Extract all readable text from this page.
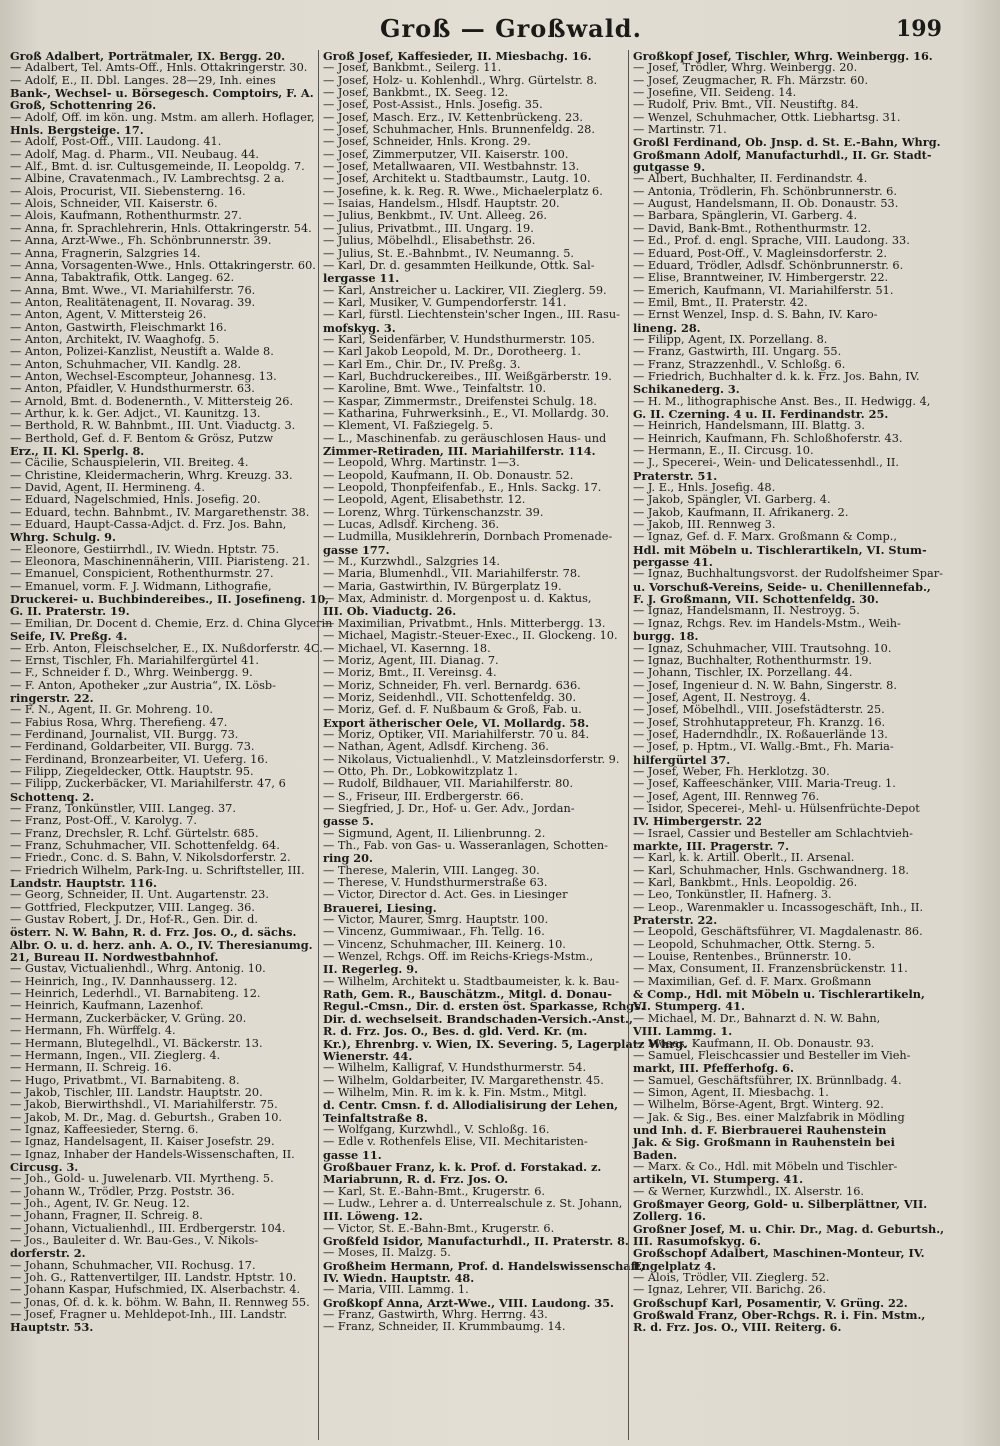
Groß — Großwald.	199
Groß Adalbert, Porträtmaler, IX. Bergg. 20.
— Adalbert, Tel. Amts-Off., Hnls. Ottakringerstr. 30.
— Adolf, E., II. Dbl. Langes. 28—29, Inh. eines
Bank-, Wechsel- u. Börsegesch. Comptoirs, F. A.
Groß, Schottenring 26.
— Adolf, Off. im kön. ung. Mstm. am allerh. Hoflager,
Hnls. Bergsteige. 17.
— Adolf, Post-Off., VIII. Laudong. 41.
— Adolf, Mag. d. Pharm., VII. Neubaug. 44.
— Alf., Bmt. d. isr. Cultusgemeinde, II. Leopoldg. 7.
— Albine, Cravatenmach., IV. Lambrechtsg. 2 a.
— Alois, Procurist, VII. Siebensterng. 16.
— Alois, Schneider, VII. Kaiserstr. 6.
— Alois, Kaufmann, Rothenthurmstr. 27.
— Anna, fr. Sprachlehrerin, Hnls. Ottakringerstr. 54.
— Anna, Arzt-Wwe., Fh. Schönbrunnerstr. 39.
— Anna, Fragnerin, Salzgries 14.
— Anna, Vorsagenten-Wwe., Hnls. Ottakringerstr. 60.
— Anna, Tabaktrafik, Ottk. Langeg. 62.
— Anna, Bmt. Wwe., VI. Mariahilferstr. 76.
— Anton, Realitätenagent, II. Novarag. 39.
— Anton, Agent, V. Mittersteig 26.
— Anton, Gastwirth, Fleischmarkt 16.
— Anton, Architekt, IV. Waaghofg. 5.
— Anton, Polizei-Kanzlist, Neustift a. Walde 8.
— Anton, Schuhmacher, VII. Kandlg. 28.
— Anton, Wechsel-Escompteur, Johannesg. 13.
— Anton, Pfaidler, V. Hundsthurmerstr. 63.
— Arnold, Bmt. d. Bodenernth., V. Mittersteig 26.
— Arthur, k. k. Ger. Adjct., VI. Kaunitzg. 13.
— Berthold, R. W. Bahnbmt., III. Unt. Viaductg. 3.
— Berthold, Gef. d. F. Bentom & Grösz, Putzw
Erz., II. Kl. Sperlg. 8.
— Cäcilie, Schauspielerin, VII. Breiteg. 4.
— Christine, Kleidermacherin, Whrg. Kreuzg. 33.
— David, Agent, II. Hermineng. 4.
— Eduard, Nagelschmied, Hnls. Josefig. 20.
— Eduard, techn. Bahnbmt., IV. Margarethenstr. 38.
— Eduard, Haupt-Cassa-Adjct. d. Frz. Jos. Bahn,
Whrg. Schulg. 9.
— Eleonore, Gestiirrhdl., IV. Wiedn. Hptstr. 75.
— Eleonora, Maschinennäherin, VIII. Piaristeng. 21.
— Emanuel, Conspicient, Rothenthurmstr. 27.
— Emanuel, vorm. F. J. Widmann, Lithografie,
Druckerei- u. Buchbindereibes., II. Josefineng. 10,
G. II. Praterstr. 19.
— Emilian, Dr. Docent d. Chemie, Erz. d. China Glycerin
Seife, IV. Preßg. 4.
— Erb. Anton, Fleischselcher, E., IX. Nußdorferstr. 4C.
— Ernst, Tischler, Fh. Mariahilfergürtel 41.
— F., Schneider f. D., Whrg. Weinbergg. 9.
— F. Anton, Apotheker „zur Austria“, IX. Lösb-
ringerstr. 22.
— F. N., Agent, II. Gr. Mohreng. 10.
— Fabius Rosa, Whrg. Therefieng. 47.
— Ferdinand, Journalist, VII. Burgg. 73.
— Ferdinand, Goldarbeiter, VII. Burgg. 73.
— Ferdinand, Bronzearbeiter, VI. Ueferg. 16.
— Filipp, Ziegeldecker, Ottk. Hauptstr. 95.
— Filipp, Zuckerbäcker, VI. Mariahilferstr. 47, 6
Schottenq. 2.
— Franz, Tonkünstler, VIII. Langeg. 37.
— Franz, Post-Off., V. Karolyg. 7.
— Franz, Drechsler, R. Lchf. Gürtelstr. 685.
— Franz, Schuhmacher, VII. Schottenfeldg. 64.
— Friedr., Conc. d. S. Bahn, V. Nikolsdorferstr. 2.
— Friedrich Wilhelm, Park-Ing. u. Schriftsteller, III.
Landstr. Hauptstr. 116.
— Georg, Schneider, II. Unt. Augartenstr. 23.
— Gottfried, Fleckputzer, VIII. Langeg. 36.
— Gustav Robert, J. Dr., Hof-R., Gen. Dir. d.
österr. N. W. Bahn, R. d. Frz. Jos. O., d. sächs.
Albr. O. u. d. herz. anh. A. O., IV. Theresianumg.
21, Bureau II. Nordwestbahnhof.
— Gustav, Victualienhdl., Whrg. Antonig. 10.
— Heinrich, Ing., IV. Dannhausserg. 12.
— Heinrich, Lederhdl., VI. Barnabiteng. 12.
— Heinrich, Kaufmann, Lazenhof.
— Hermann, Zuckerbäcker, V. Grüng. 20.
— Hermann, Fh. Würffelg. 4.
— Hermann, Blutegelhdl., VI. Bäckerstr. 13.
— Hermann, Ingen., VII. Zieglerg. 4.
— Hermann, II. Schreig. 16.
— Hugo, Privatbmt., VI. Barnabiteng. 8.
— Jakob, Tischler, III. Landstr. Hauptstr. 20.
— Jakob, Bierwirthshdl., VI. Mariahilferstr. 75.
— Jakob, M. Dr., Mag. d. Geburtsh., Graben 10.
— Ignaz, Kaffeesieder, Sterng. 6.
— Ignaz, Handelsagent, II. Kaiser Josefstr. 29.
— Ignaz, Inhaber der Handels-Wissenschaften, II.
Circusg. 3.
— Joh., Gold- u. Juwelenarb. VII. Myrtheng. 5.
— Johann W., Trödler, Przg. Poststr. 36.
— Joh., Agent, IV. Gr. Neug. 12.
— Johann, Fragner, II. Schreig. 8.
— Johann, Victualienhdl., III. Erdbergerstr. 104.
— Jos., Bauleiter d. Wr. Bau-Ges., V. Nikols-
dorferstr. 2.
— Johann, Schuhmacher, VII. Rochusg. 17.
— Joh. G., Rattenvertilger, III. Landstr. Hptstr. 10.
— Johann Kaspar, Hufschmied, IX. Alserbachstr. 4.
— Jonas, Of. d. k. k. böhm. W. Bahn, II. Rennweg 55.
— Josef, Fragner u. Mehldepot-Inh., III. Landstr.
Hauptstr. 53.
Groß Josef, Kaffesieder, II. Miesbachg. 16.
— Josef, Bankbmt., Seilerg. 11.
— Josef, Holz- u. Kohlenhdl., Whrg. Gürtelstr. 8.
— Josef, Bankbmt., IX. Seeg. 12.
— Josef, Post-Assist., Hnls. Josefig. 35.
— Josef, Masch. Erz., IV. Kettenbrückeng. 23.
— Josef, Schuhmacher, Hnls. Brunnenfeldg. 28.
— Josef, Schneider, Hnls. Krong. 29.
— Josef, Zimmerputzer, VII. Kaiserstr. 100.
— Josef, Metallwaaren, VII. Westbahnstr. 13.
— Josef, Architekt u. Stadtbaumstr., Lautg. 10.
— Josefine, k. k. Reg. R. Wwe., Michaelerplatz 6.
— Isaias, Handelsm., Hlsdf. Hauptstr. 20.
— Julius, Benkbmt., IV. Unt. Alleeg. 26.
— Julius, Privatbmt., III. Ungarg. 19.
— Julius, Möbelhdl., Elisabethstr. 26.
— Julius, St. E.-Bahnbmt., IV. Neumanng. 5.
— Karl, Dr. d. gesammten Heilkunde, Ottk. Sal-
lergasse 11.
— Karl, Anstreicher u. Lackirer, VII. Zieglerg. 59.
— Karl, Musiker, V. Gumpendorferstr. 141.
— Karl, fürstl. Liechtenstein'scher Ingen., III. Rasu-
mofskyg. 3.
— Karl, Seidenfärber, V. Hundsthurmerstr. 105.
— Karl Jakob Leopold, M. Dr., Dorotheerg. 1.
— Karl Em., Chir. Dr., IV. Preßg. 3.
— Karl, Buchdruckereibes., III. Weißgärberstr. 19.
— Karoline, Bmt. Wwe., Teinfaltstr. 10.
— Kaspar, Zimmermstr., Dreifenstei Schulg. 18.
— Katharina, Fuhrwerksinh., E., VI. Mollardg. 30.
— Klement, VI. Faßziegelg. 5.
— L., Maschinenfab. zu geräuschlosen Haus- und
Zimmer-Retiraden, III. Mariahilferstr. 114.
— Leopold, Whrg. Martinstr. 1—3.
— Leopold, Kaufmann, II. Ob. Donaustr. 52.
— Leopold, Thonpfeifenfab., E., Hnls. Sackg. 17.
— Leopold, Agent, Elisabethstr. 12.
— Lorenz, Whrg. Türkenschanzstr. 39.
— Lucas, Adlsdf. Kircheng. 36.
— Ludmilla, Musiklehrerin, Dornbach Promenade-
gasse 177.
— M., Kurzwhdl., Salzgries 14.
— Maria, Blumenhdl., VII. Mariahilferstr. 78.
— Maria, Gastwirthin, IV. Bürgerplatz 19.
— Max, Administr. d. Morgenpost u. d. Kaktus,
III. Ob. Viaductg. 26.
— Maximilian, Privatbmt., Hnls. Mitterbergg. 13.
— Michael, Magistr.-Steuer-Exec., II. Glockeng. 10.
— Michael, VI. Kasernng. 18.
— Moriz, Agent, III. Dianag. 7.
— Moriz, Bmt., II. Vereinsg. 4.
— Moriz, Schneider, Fh. verl. Bernardg. 636.
— Moriz, Seidenhdl., VII. Schottenfeldg. 30.
— Moriz, Gef. d. F. Nußbaum & Groß, Fab. u.
Export ätherischer Oele, VI. Mollardg. 58.
— Moriz, Optiker, VII. Mariahilferstr. 70 u. 84.
— Nathan, Agent, Adlsdf. Kircheng. 36.
— Nikolaus, Victualienhdl., V. Matzleinsdorferstr. 9.
— Otto, Ph. Dr., Lobkowitzplatz 1.
— Rudolf, Bildhauer, VII. Mariahilferstr. 80.
— S., Friseur, III. Erdbergerstr. 66.
— Siegfried, J. Dr., Hof- u. Ger. Adv., Jordan-
gasse 5.
— Sigmund, Agent, II. Lilienbrunng. 2.
— Th., Fab. von Gas- u. Wasseranlagen, Schotten-
ring 20.
— Therese, Malerin, VIII. Langeg. 30.
— Therese, V. Hundsthurmerstraße 63.
— Victor, Director d. Act. Ges. in Liesinger
Brauerei, Liesing.
— Victor, Maurer, Smrg. Hauptstr. 100.
— Vincenz, Gummiwaar., Fh. Tellg. 16.
— Vincenz, Schuhmacher, III. Keinerg. 10.
— Wenzel, Rchgs. Off. im Reichs-Kriegs-Mstm.,
II. Regerleg. 9.
— Wilhelm, Architekt u. Stadtbaumeister, k. k. Bau-
Rath, Gem. R., Bauschätzm., Mitgl. d. Donau-
Regul.-Cmsn., Dir. d. ersten öst. Sparkasse, Rchgs.
Dir. d. wechselseit. Brandschaden-Versich.-Anst.,
R. d. Frz. Jos. O., Bes. d. gld. Verd. Kr. (m.
Kr.), Ehrenbrg. v. Wien, IX. Severing. 5, Lagerplatz Whrg.
Wienerstr. 44.
— Wilhelm, Kalligraf, V. Hundsthurmerstr. 54.
— Wilhelm, Goldarbeiter, IV. Margarethenstr. 45.
— Wilhelm, Min. R. im k. k. Fin. Mstm., Mitgl.
d. Centr. Cmsn. f. d. Allodialisirung der Lehen,
Teinfaltstraße 8.
— Wolfgang, Kurzwhdl., V. Schloßg. 16.
— Edle v. Rothenfels Elise, VII. Mechitaristen-
gasse 11.
Großbauer Franz, k. k. Prof. d. Forstakad. z.
Mariabrunn, R. d. Frz. Jos. O.
— Karl, St. E.-Bahn-Bmt., Krugerstr. 6.
— Ludw., Lehrer a. d. Unterrealschule z. St. Johann,
III. Löweng. 12.
— Victor, St. E.-Bahn-Bmt., Krugerstr. 6.
Großfeld Isidor, Manufacturhdl., II. Praterstr. 8.
— Moses, II. Malzg. 5.
Großheim Hermann, Prof. d. Handelswissenschaft,
IV. Wiedn. Hauptstr. 48.
— Maria, VIII. Lammg. 1.
Großkopf Anna, Arzt-Wwe., VIII. Laudong. 35.
— Franz, Gastwirth, Whrg. Herrng. 43.
— Franz, Schneider, II. Krummbaumg. 14.
Großkopf Josef, Tischler, Whrg. Weinbergg. 16.
— Josef, Trödler, Whrg. Weinbergg. 20.
— Josef, Zeugmacher, R. Fh. Märzstr. 60.
— Josefine, VII. Seideng. 14.
— Rudolf, Priv. Bmt., VII. Neustiftg. 84.
— Wenzel, Schuhmacher, Ottk. Liebhartsg. 31.
— Martinstr. 71.
Großl Ferdinand, Ob. Jnsp. d. St. E.-Bahn, Whrg.
Großmann Adolf, Manufacturhdl., II. Gr. Stadt-
gutgasse 9.
— Albert, Buchhalter, II. Ferdinandstr. 4.
— Antonia, Trödlerin, Fh. Schönbrunnerstr. 6.
— August, Handelsmann, II. Ob. Donaustr. 53.
— Barbara, Spänglerin, VI. Garberg. 4.
— David, Bank-Bmt., Rothenthurmstr. 12.
— Ed., Prof. d. engl. Sprache, VIII. Laudong. 33.
— Eduard, Post-Off., V. Magleinsdorferstr. 2.
— Eduard, Trödler, Adlsdf. Schönbrunnerstr. 6.
— Elise, Branntweiner, IV. Himbergerstr. 22.
— Emerich, Kaufmann, VI. Mariahilferstr. 51.
— Emil, Bmt., II. Praterstr. 42.
— Ernst Wenzel, Insp. d. S. Bahn, IV. Karo-
lineng. 28.
— Filipp, Agent, IX. Porzellang. 8.
— Franz, Gastwirth, III. Ungarg. 55.
— Franz, Strazzenhdl., V. Schloßg. 6.
— Friedrich, Buchhalter d. k. k. Frz. Jos. Bahn, IV.
Schikanederg. 3.
— H. M., lithographische Anst. Bes., II. Hedwigg. 4,
G. II. Czerning. 4 u. II. Ferdinandstr. 25.
— Heinrich, Handelsmann, III. Blattg. 3.
— Heinrich, Kaufmann, Fh. Schloßhoferstr. 43.
— Hermann, E., II. Circusg. 10.
— J., Specerei-, Wein- und Delicatessenhdl., II.
Praterstr. 51.
— J. E., Hnls. Josefig. 48.
— Jakob, Spängler, VI. Garberg. 4.
— Jakob, Kaufmann, II. Afrikanerg. 2.
— Jakob, III. Rennweg 3.
— Ignaz, Gef. d. F. Marx. Großmann & Comp.,
Hdl. mit Möbeln u. Tischlerartikeln, VI. Stum-
pergasse 41.
— Ignaz, Buchhaltungsvorst. der Rudolfsheimer Spar-
u. Vorschuß-Vereins, Seide- u. Chenillennefab.,
F. J. Großmann, VII. Schottenfeldg. 30.
— Ignaz, Handelsmann, II. Nestroyg. 5.
— Ignaz, Rchgs. Rev. im Handels-Mstm., Weih-
burgg. 18.
— Ignaz, Schuhmacher, VIII. Trautsohng. 10.
— Ignaz, Buchhalter, Rothenthurmstr. 19.
— Johann, Tischler, IX. Porzellang. 44.
— Josef, Ingenieur d. N. W. Bahn, Singerstr. 8.
— Josef, Agent, II. Nestroyg. 4.
— Josef, Möbelhdl., VIII. Josefstädterstr. 25.
— Josef, Strohhutappreteur, Fh. Kranzg. 16.
— Josef, Haderndhdlr., IX. Roßauerlände 13.
— Josef, p. Hptm., VI. Wallg.-Bmt., Fh. Maria-
hilfergürtel 37.
— Josef, Weber, Fh. Herklotzg. 30.
— Josef, Kaffeeschänker, VIII. Maria-Treug. 1.
— Josef, Agent, III. Rennweg 76.
— Isidor, Specerei-, Mehl- u. Hülsenfrüchte-Depot
IV. Himbergerstr. 22
— Israel, Cassier und Besteller am Schlachtvieh-
markte, III. Pragerstr. 7.
— Karl, k. k. Artill. Oberlt., II. Arsenal.
— Karl, Schuhmacher, Hnls. Gschwandnerg. 18.
— Karl, Bankbmt., Hnls. Leopoldig. 26.
— Leo, Tonkünstler, II. Hafnerg. 3.
— Leop., Warenmakler u. Incassogeschäft, Inh., II.
Praterstr. 22.
— Leopold, Geschäftsführer, VI. Magdalenastr. 86.
— Leopold, Schuhmacher, Ottk. Sterng. 5.
— Louise, Rentenbes., Brünnerstr. 10.
— Max, Consument, II. Franzensbrückenstr. 11.
— Maximilian, Gef. d. F. Marx. Großmann
& Comp., Hdl. mit Möbeln u. Tischlerartikeln,
VI. Stumperg. 41.
— Michael, M. Dr., Bahnarzt d. N. W. Bahn,
VIII. Lammg. 1.
— Moses, Kaufmann, II. Ob. Donaustr. 93.
— Samuel, Fleischcassier und Besteller im Vieh-
markt, III. Pfefferhofg. 6.
— Samuel, Geschäftsführer, IX. Brünnlbadg. 4.
— Simon, Agent, II. Miesbachg. 1.
— Wilhelm, Börse-Agent, Brgt. Winterg. 92.
— Jak. & Sig., Bes. einer Malzfabrik in Mödling
und Inh. d. F. Bierbrauerei Rauhenstein
Jak. & Sig. Großmann in Rauhenstein bei
Baden.
— Marx. & Co., Hdl. mit Möbeln und Tischler-
artikeln, VI. Stumperg. 41.
— & Werner, Kurzwhdl., IX. Alserstr. 16.
Großmayer Georg, Gold- u. Silberplättner, VII.
Zollerg. 16.
Großner Josef, M. u. Chir. Dr., Mag. d. Geburtsh.,
III. Rasumofskyg. 6.
Großschopf Adalbert, Maschinen-Monteur, IV.
Engelplatz 4.
— Alois, Trödler, VII. Zieglerg. 52.
— Ignaz, Lehrer, VII. Barichg. 26.
Großschupf Karl, Posamentir, V. Grüng. 22.
Großwald Franz, Ober-Rchgs. R. i. Fin. Mstm.,
R. d. Frz. Jos. O., VIII. Reiterg. 6.
